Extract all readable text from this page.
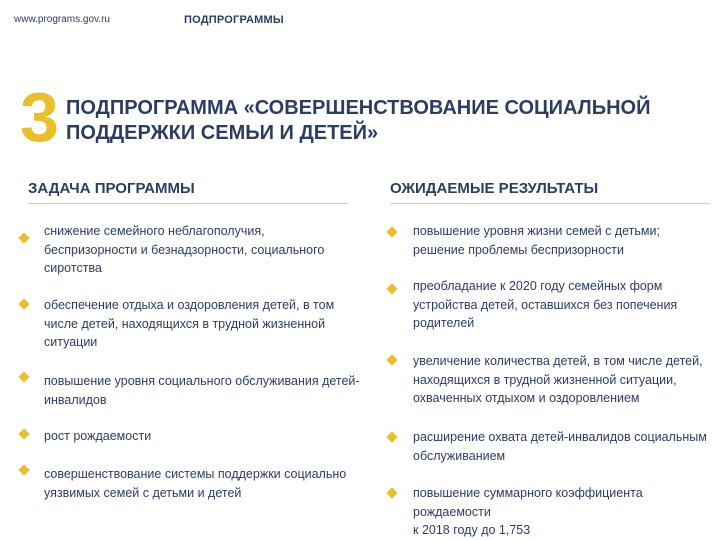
www.programs.gov.ru	ПОДПРОГРАММЫ
3 ПОДПРОГРАММА «СОВЕРШЕНСТВОВАНИЕ СОЦИАЛЬНОЙ
ПОДДЕРЖКИ СЕМЬИ И ДЕТЕЙ»
ЗАДАЧА ПРОГРАММЫ	ОЖИДАЕМЫЕ РЕЗУЛЬТАТЫ
снижение семейного неблагополучия,
беспризорности и безнадзорности, социального
сиротства
обеспечение отдыха и оздоровления детей, в том
числе детей, находящихся в трудной жизненной
ситуации
повышение уровня социального обслуживания детей-
инвалидов
рост рождаемости
совершенствование системы поддержки социально
уязвимых семей с детьми и детей
повышение уровня жизни семей с детьми;
решение проблемы беспризорности
преобладание к 2020 году семейных форм
устройства детей, оставшихся без попечения
родителей
увеличение количества детей, в том числе детей,
находящихся в трудной жизненной ситуации,
охваченных отдыхом и оздоровлением
расширение охвата детей-инвалидов социальным
обслуживанием
повышение суммарного коэффициента рождаемости
к 2018 году до 1,753
